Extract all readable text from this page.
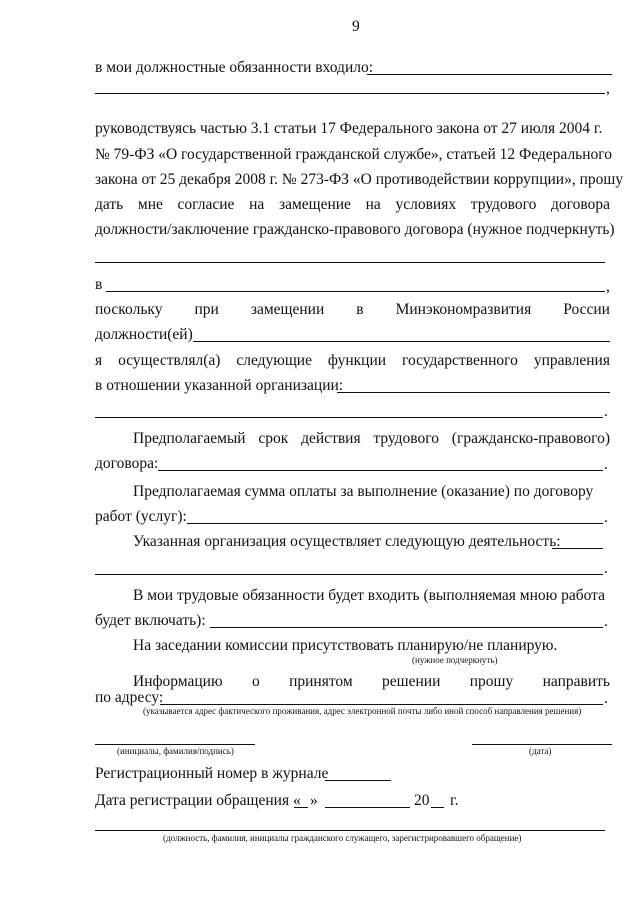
9
в мои должностные обязанности входило:
,
руководствуясь частью 3.1 статьи 17 Федерального закона от 27 июля 2004 г.
№ 79-ФЗ «О государственной гражданской службе», статьей 12 Федерального
закона от 25 декабря 2008 г. № 273-ФЗ «О противодействии коррупции», прошу
дать мне согласие на замещение на условиях трудового договора
должности/заключение гражданско-правового договора (нужное подчеркнуть)
в	,
поскольку при замещении в Минэкономразвития России
должности(ей)
я осуществлял(а) следующие функции государственного управления
в отношении указанной организации:
.
Предполагаемый срок действия трудового (гражданско-правового)
договора:	.
Предполагаемая сумма оплаты за выполнение (оказание) по договору
работ (услуг):	.
Указанная организация осуществляет следующую деятельность:
.
В мои трудовые обязанности будет входить (выполняемая мною работа
будет включать):	.
На заседании комиссии присутствовать планирую/не планирую.
(нужное подчеркнуть)
Информацию о принятом решении прошу направить
по адресу:	.
(указывается адрес фактического проживания, адрес электронной почты либо иной способ направления решения)
(инициалы, фамилия/подпись)	(дата)
Регистрационный номер в журнале
Дата регистрации обращения « »	20 г.
(должность, фамилия, инициалы гражданского служащего, зарегистрировавшего обращение)
